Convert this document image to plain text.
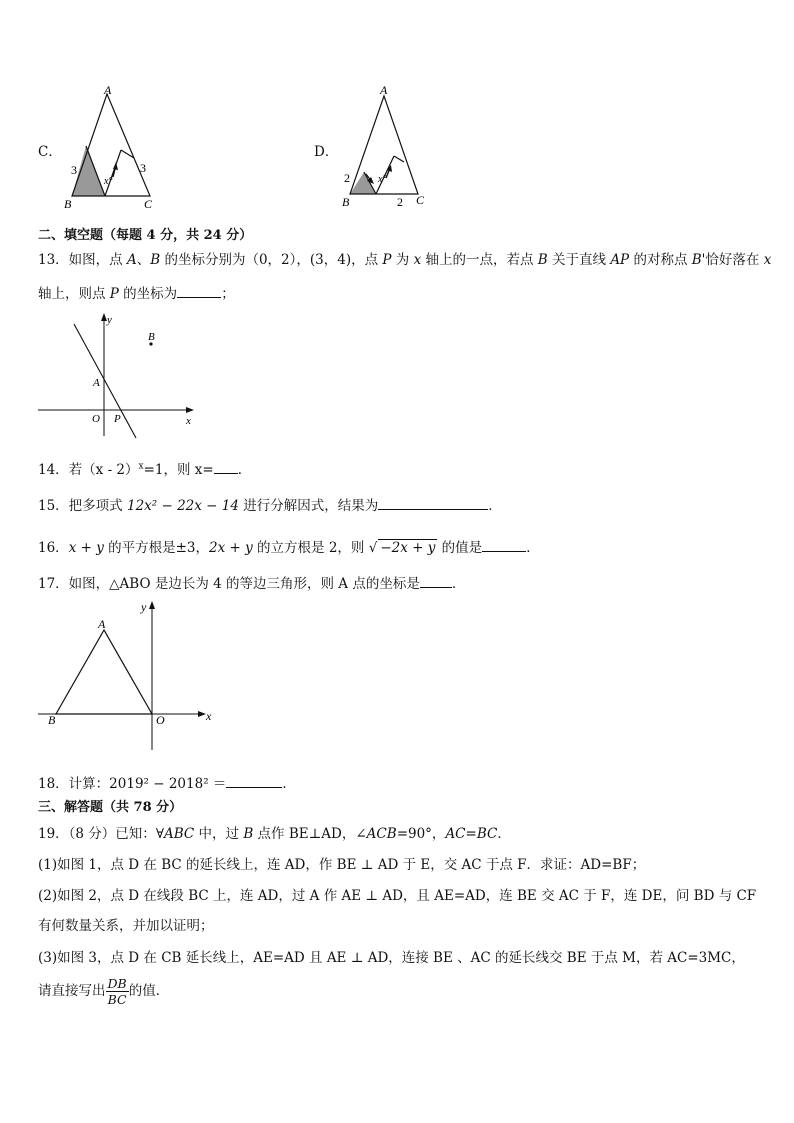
C．
A
B	C
3	3
x°
D．
A
B	C
2
2
x°
二、填空题（每题 4 分，共 24 分）
13．如图，点 A、B 的坐标分别为（0，2），(3，4)，点 P 为 x 轴上的一点，若点 B 关于直线 AP 的对称点 B'恰好落在 x
轴上，则点 P 的坐标为	；
y
x
B
A
O P
14．若（x - 2）$^x$=1，则 x= ．
15．把多项式 12x² − 22x − 14 进行分解因式，结果为	．
16．x + y 的平方根是±3，2x + y 的立方根是 2，则 √ −2x + y 的值是	．
17．如图，△ABO 是边长为 4 的等边三角形，则 A 点的坐标是 ．
y
x
A
B	O
18．计算：2019² − 2018² ＝	．
三、解答题（共 78 分）
19．（8 分）已知：∀ABC 中，过 B 点作 BE⊥AD，∠ACB=90°，AC=BC．
(1)如图 1，点 D 在 BC 的延长线上，连 AD，作 BE ⊥ AD 于 E，交 AC 于点 F．求证：AD=BF；
(2)如图 2，点 D 在线段 BC 上，连 AD，过 A 作 AE ⊥ AD，且 AE=AD，连 BE 交 AC 于 F，连 DE，问 BD 与 CF
有何数量关系，并加以证明；
(3)如图 3，点 D 在 CB 延长线上，AE=AD 且 AE ⊥ AD，连接 BE 、AC 的延长线交 BE 于点 M，若 AC=3MC，
请直接写出 $\frac{DB}{BC}$ 的值．
